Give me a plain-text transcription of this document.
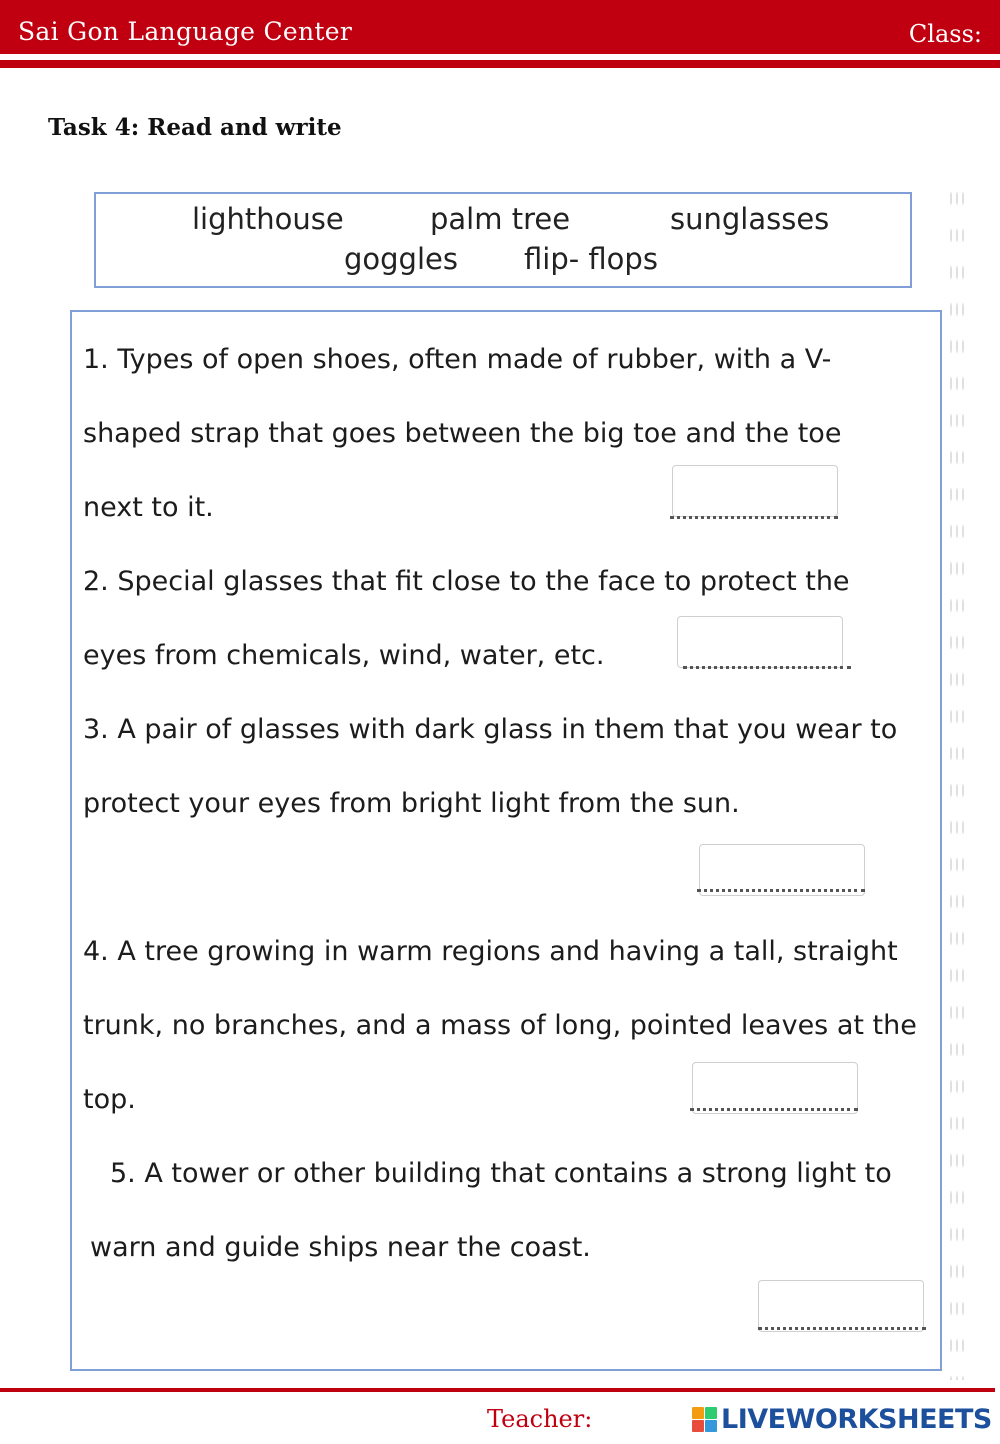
Sai Gon Language Center	Class:
Task 4: Read and write
lighthouse	palm tree	sunglasses
goggles flip- flops
1. Types of open shoes, often made of rubber, with a V-
shaped strap that goes between the big toe and the toe
next to it.
2. Special glasses that fit close to the face to protect the
eyes from chemicals, wind, water, etc.
3. A pair of glasses with dark glass in them that you wear to
protect your eyes from bright light from the sun.
4. A tree growing in warm regions and having a tall, straight
trunk, no branches, and a mass of long, pointed leaves at the
top.
5. A tower or other building that contains a strong light to
warn and guide ships near the coast.
Teacher:	LIVEWORKSHEETS
